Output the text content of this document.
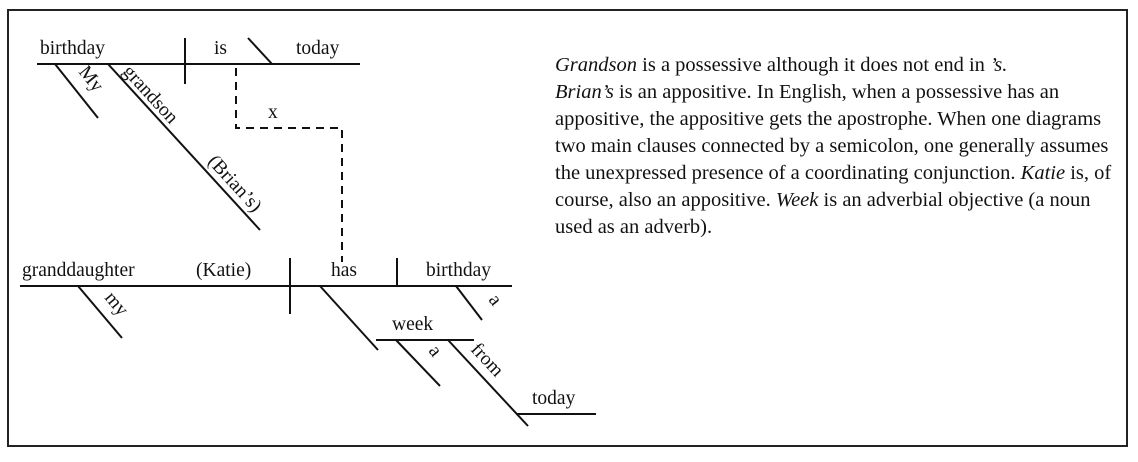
birthday	is	today
My grandson
(Brian’s)
x
granddaughter	(Katie)	has	birthday
my	a
week
a from
today

Grandson is a possessive although it does not end in ’s.
Brian’s is an appositive. In English, when a possessive has an appositive, the appositive gets the apostrophe. When one diagrams two main clauses connected by a semicolon, one generally assumes the unexpressed presence of a coordinating conjunction. Katie is, of course, also an appositive. Week is an adverbial objective (a noun used as an adverb).
